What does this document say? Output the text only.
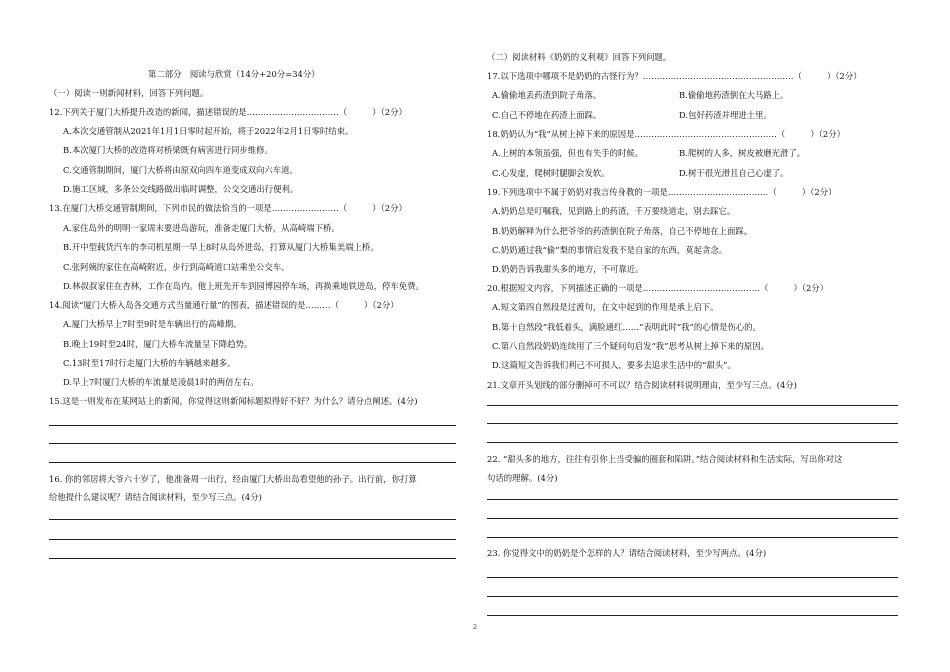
第二部分　阅读与欣赏（14分+20分=34分）
（一）阅读一则新闻材料，回答下列问题。
12.下列关于厦门大桥提升改造的新闻，描述错误的是……………………………（　　　）（2分）
A.本次交通管制从2021年1月1日零时起开始，将于2022年2月1日零时结束。
B.本次厦门大桥的改造将对桥梁既有病害进行同步维修。
C.交通管制期间，厦门大桥将由原双向四车道变成双向六车道。
D.施工区域，多条公交线路做出临时调整，公交交通出行便利。
13.在厦门大桥交通管制期间，下列市民的做法恰当的一项是……………………（　　　）（2分）
A.家住岛外的明明一家周末要进岛游玩，准备走厦门大桥，从高崎端下桥。
B.开中型载货汽车的李司机星期一早上8时从岛外进岛，打算从厦门大桥集美端上桥。
C.张阿姨的家住在高崎附近，步行到高崎道口站乘坐公交车。
D.林叔叔家住在杏林，工作在岛内。他上班先开车到园博园停车场，再换乘地铁进岛，停车免费。
14.阅读“厦门大桥入岛各交通方式当量通行量”的图表，描述错误的是………（　　　）（2分）
A.厦门大桥早上7时至9时是车辆出行的高峰期。
B.晚上19时至24时，厦门大桥车流量呈下降趋势。
C.13时至17时行走厦门大桥的车辆越来越多。
D.早上7时厦门大桥的车流量是凌晨1时的两倍左右。
15.这是一则发布在某网站上的新闻，你觉得这则新闻标题拟得好不好？为什么？请分点阐述。(4分)
16. 你的邻居将大爷六十岁了，他准备周一出行，经由厦门大桥出岛看望他的孙子。出行前，你打算
给他提什么建议呢？请结合阅读材料，至少写三点。(4分)
（二）阅读材料《奶奶的义利观》回答下列问题。
17.以下选项中哪项不是奶奶的古怪行为？………………………………………………（　　　）（2分）
A.偷偷地丢药渣到院子角落。	B.偷偷地药渣倒在大马路上。
C.自己不停地在药渣上面踩。	D.包好药渣并埋进土里。
18.奶奶认为“我”从树上掉下来的原因是……………………………………………（　　　）（2分）
A.上树的本领虽强，但也有失手的时候。	B.爬树的人多，树皮被磨光滑了。
C.心发虚，爬树时腿脚会发软。	D.树干很光滑且自己心虚了。
19.下列选项中不属于奶奶对我言传身教的一项是………………………………（　　　）（2分）
A.奶奶总是叮嘱我，见到路上的药渣，千万要绕道走，别去踩它。
B.奶奶解释为什么把爷爷的药渣倒在院子角落，自己不停地在上面踩。
C.奶奶通过我“偷”梨的事情启发我不是自家的东西，莫起贪念。
D.奶奶告诉我甜头多的地方，不可靠近。
20.根据短文内容，下列描述正确的一项是……………………………………（　　　）（2分）
A.短文第四自然段是过渡句，在文中起到的作用是承上启下。
B.第十自然段“我低着头，满脸通红……”表明此时“我”的心情是伤心的。
C.第八自然段奶奶连续用了三个疑问句启发“我”思考从树上掉下来的原因。
D.这篇短文告诉我们利己不可损人，要多去追求生活中的“甜头”。
21.文章开头划线的部分删掉可不可以？结合阅读材料说明理由，至少写三点。(4分)
22. “甜头多的地方，往往有引你上当受骗的圈套和陷阱。”结合阅读材料和生活实际，写出你对这
句话的理解。(4分)
23. 你觉得文中的奶奶是个怎样的人？请结合阅读材料，至少写两点。(4分)
2
